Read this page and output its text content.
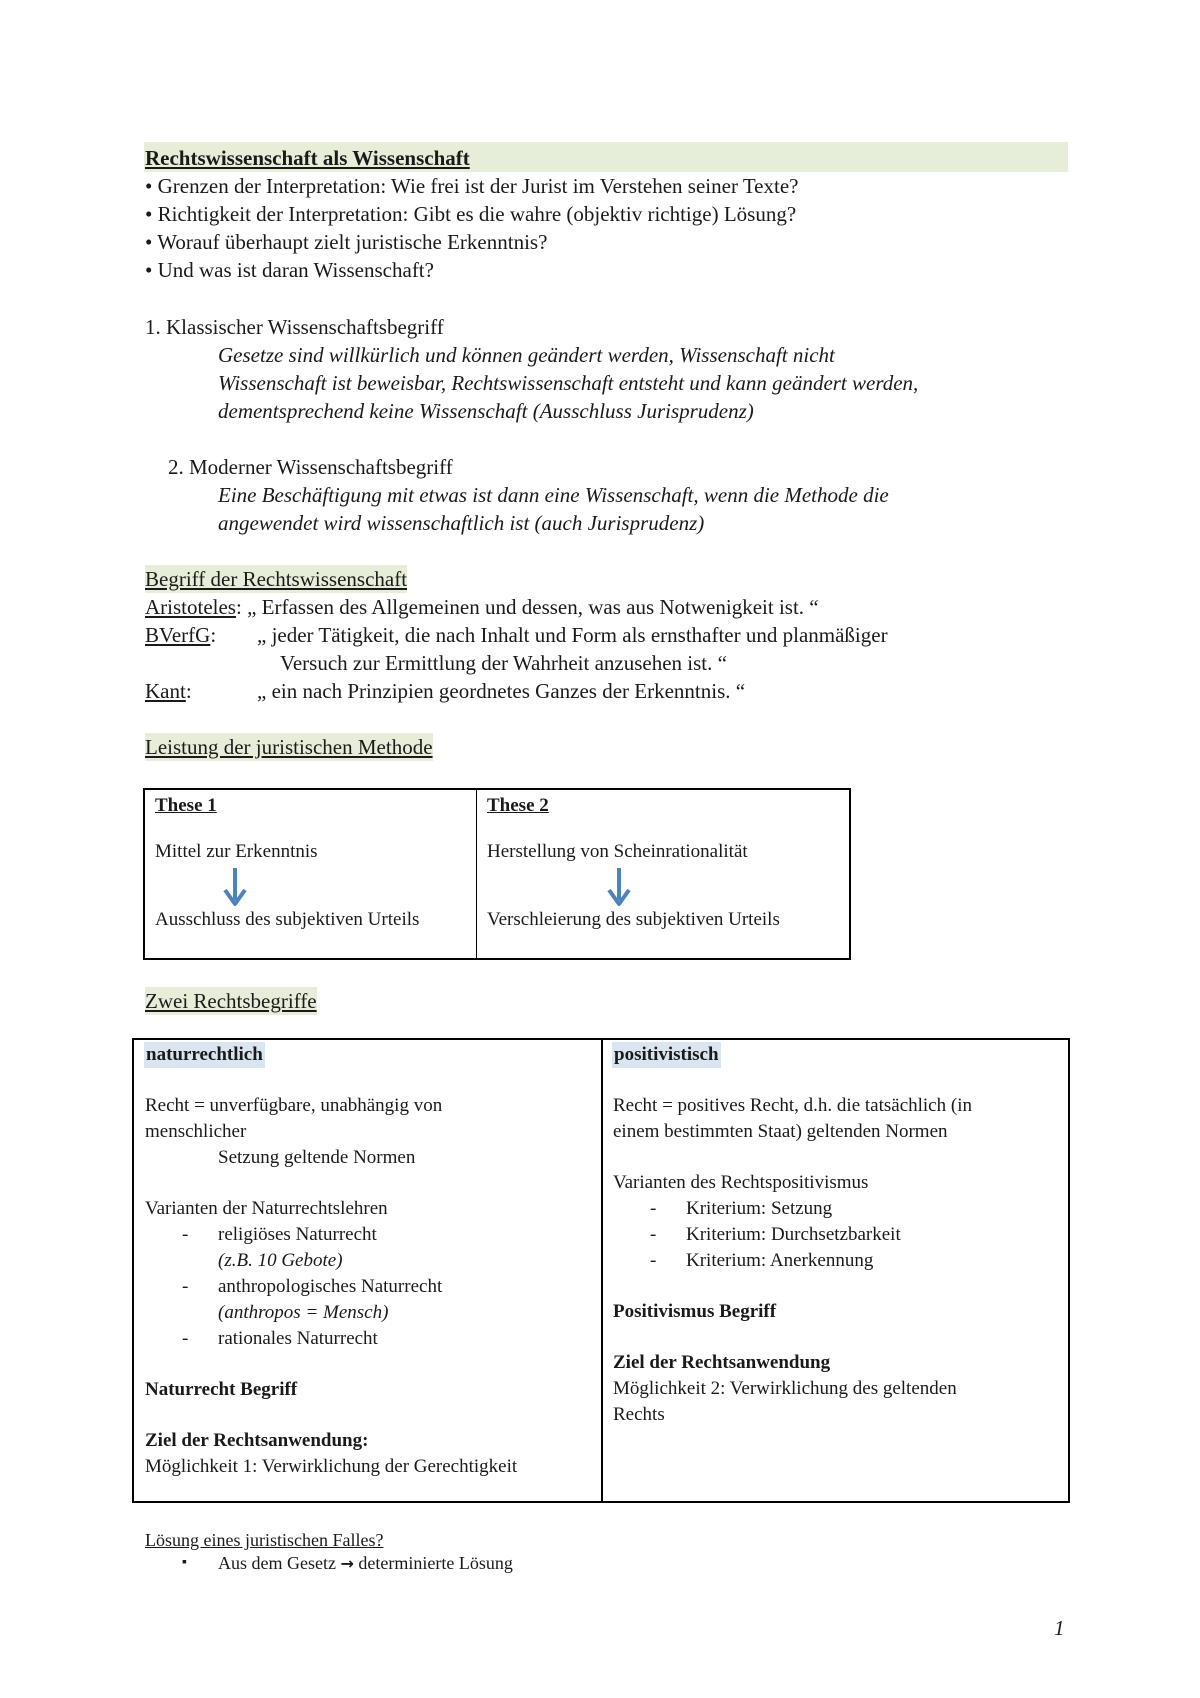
Rechtswissenschaft als Wissenschaft
• Grenzen der Interpretation: Wie frei ist der Jurist im Verstehen seiner Texte?
• Richtigkeit der Interpretation: Gibt es die wahre (objektiv richtige) Lösung?
• Worauf überhaupt zielt juristische Erkenntnis?
• Und was ist daran Wissenschaft?
1. Klassischer Wissenschaftsbegriff
Gesetze sind willkürlich und können geändert werden, Wissenschaft nicht
Wissenschaft ist beweisbar, Rechtswissenschaft entsteht und kann geändert werden,
dementsprechend keine Wissenschaft (Ausschluss Jurisprudenz)
2. Moderner Wissenschaftsbegriff
Eine Beschäftigung mit etwas ist dann eine Wissenschaft, wenn die Methode die
angewendet wird wissenschaftlich ist (auch Jurisprudenz)
Begriff der Rechtswissenschaft
Aristoteles: „ Erfassen des Allgemeinen und dessen, was aus Notwenigkeit ist. “
BVerfG: „ jeder Tätigkeit, die nach Inhalt und Form als ernsthafter und planmäßiger
Versuch zur Ermittlung der Wahrheit anzusehen ist. “
Kant:	„ ein nach Prinzipien geordnetes Ganzes der Erkenntnis. “
Leistung der juristischen Methode
These 1
Mittel zur Erkenntnis
Ausschluss des subjektiven Urteils
These 2
Herstellung von Scheinrationalität
Verschleierung des subjektiven Urteils
Zwei Rechtsbegriffe
naturrechtlich
Recht = unverfügbare, unabhängig von
menschlicher
Setzung geltende Normen
Varianten der Naturrechtslehren
- religiöses Naturrecht
(z.B. 10 Gebote)
- anthropologisches Naturrecht
(anthropos = Mensch)
- rationales Naturrecht
Naturrecht Begriff
Ziel der Rechtsanwendung:
Möglichkeit 1: Verwirklichung der Gerechtigkeit
positivistisch
Recht = positives Recht, d.h. die tatsächlich (in
einem bestimmten Staat) geltenden Normen
Varianten des Rechtspositivismus
- Kriterium: Setzung
- Kriterium: Durchsetzbarkeit
- Kriterium: Anerkennung
Positivismus Begriff
Ziel der Rechtsanwendung
Möglichkeit 2: Verwirklichung des geltenden
Rechts
Lösung eines juristischen Falles?
▪ Aus dem Gesetz → determinierte Lösung
1
